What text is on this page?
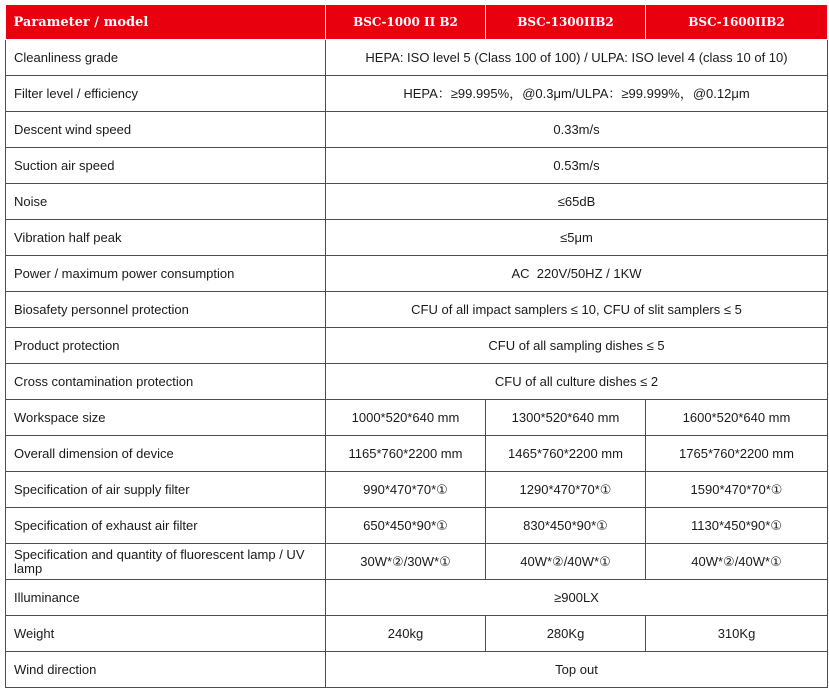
Parameter / model	BSC-1000 II B2	BSC-1300IIB2	BSC-1600IIB2
Cleanliness grade	HEPA: ISO level 5 (Class 100 of 100) / ULPA: ISO level 4 (class 10 of 10)		
Filter level / efficiency	HEPA：≥99.995%，@0.3μm/ULPA：≥99.999%，@0.12μm		
Descent wind speed	0.33m/s		
Suction air speed	0.53m/s		
Noise	≤65dB		
Vibration half peak	≤5μm		
Power / maximum power consumption	AC  220V/50HZ / 1KW		
Biosafety personnel protection	CFU of all impact samplers ≤ 10, CFU of slit samplers ≤ 5		
Product protection	CFU of all sampling dishes ≤ 5		
Cross contamination protection	CFU of all culture dishes ≤ 2		
Workspace size	1000*520*640 mm	1300*520*640 mm	1600*520*640 mm
Overall dimension of device	1165*760*2200 mm	1465*760*2200 mm	1765*760*2200 mm
Specification of air supply filter	990*470*70*①	1290*470*70*①	1590*470*70*①
Specification of exhaust air filter	650*450*90*①	830*450*90*①	1130*450*90*①
Specification and quantity of fluorescent lamp / UV lamp	30W*②/30W*①	40W*②/40W*①	40W*②/40W*①
Illuminance	≥900LX		
Weight	240kg	280Kg	310Kg
Wind direction	Top out		
